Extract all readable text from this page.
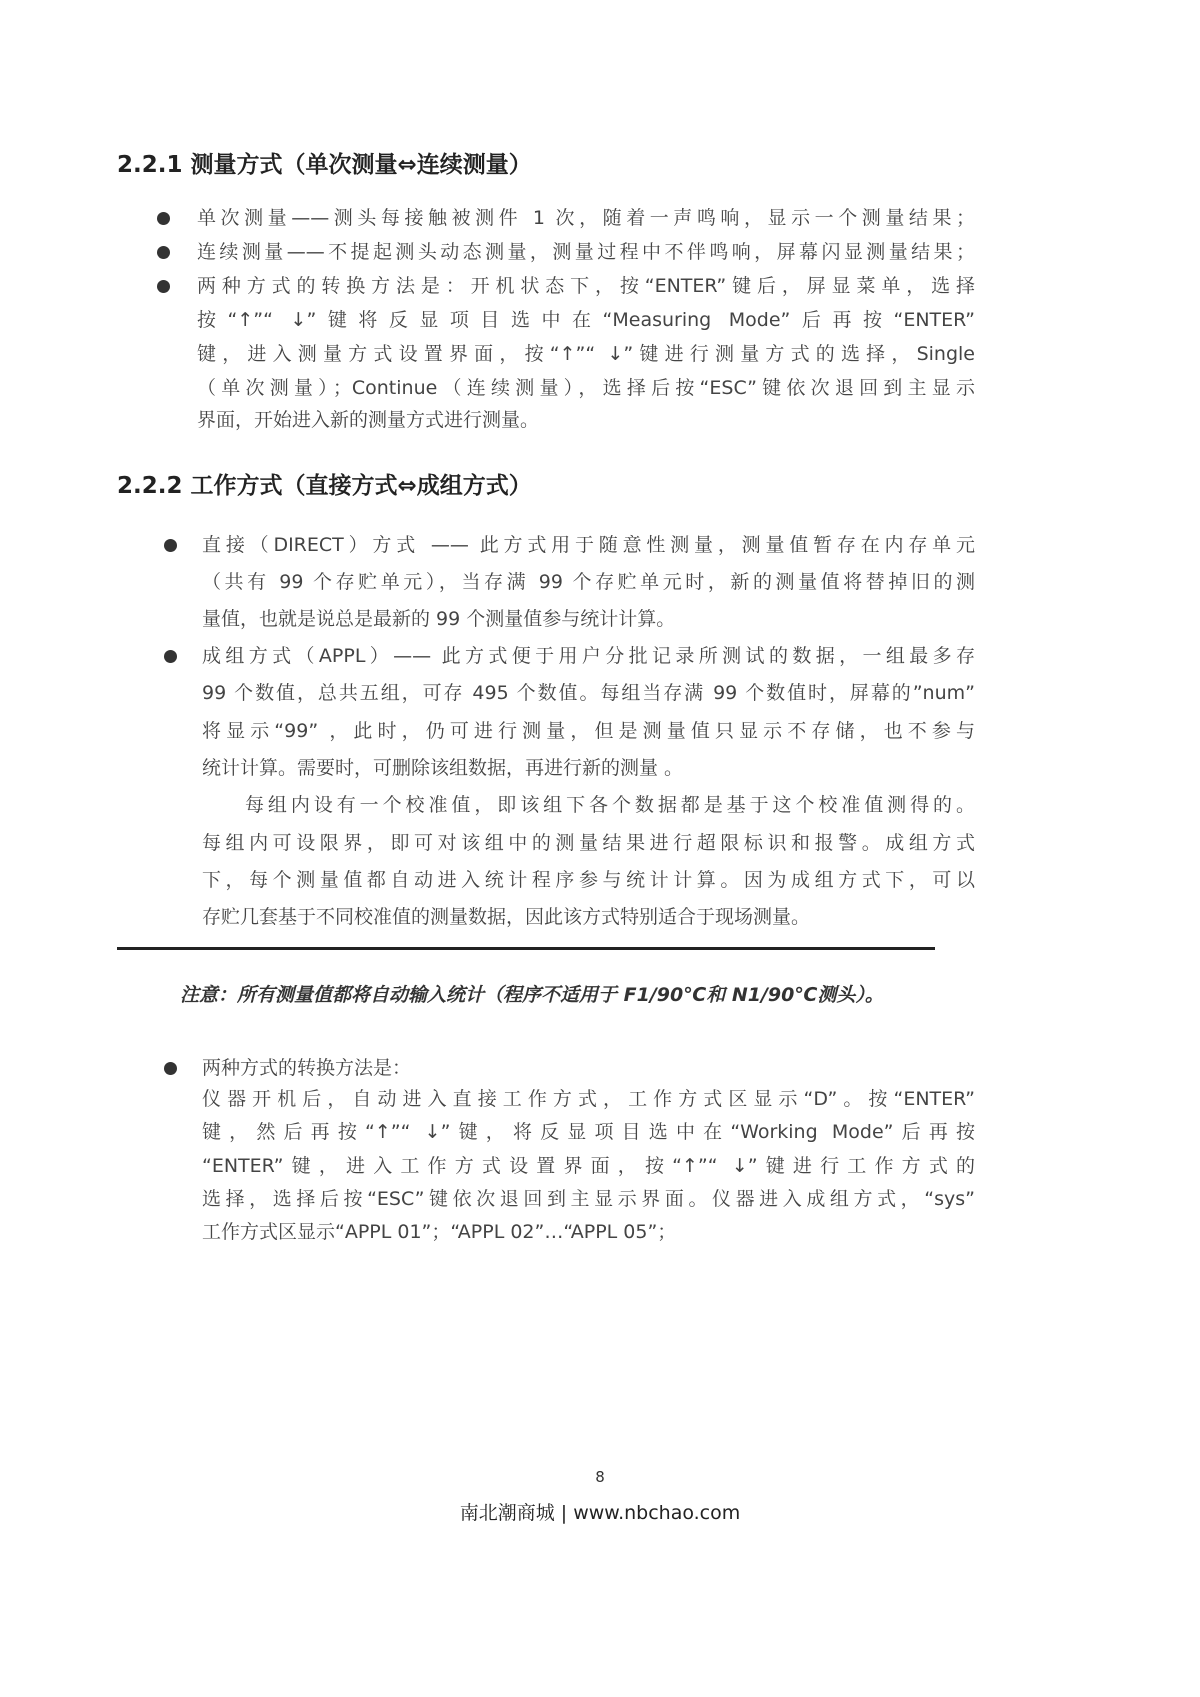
2.2.1 测量方式（单次测量⇔连续测量）
单次测量——测头每接触被测件 1 次，随着一声鸣响，显示一个测量结果；
连续测量——不提起测头动态测量，测量过程中不伴鸣响，屏幕闪显测量结果；
两种方式的转换方法是：开机状态下，按“ENTER”键后，屏显菜单，选择
按“↑”“ ↓”键将反显项目选中在“Measuring Mode”后再按“ENTER”
键，进入测量方式设置界面，按“↑”“ ↓”键进行测量方式的选择，Single
（单次测量）；Continue（连续测量），选择后按“ESC”键依次退回到主显示
界面，开始进入新的测量方式进行测量。
2.2.2 工作方式（直接方式⇔成组方式）
直接（DIRECT）方式 —— 此方式用于随意性测量，测量值暂存在内存单元
（共有 99 个存贮单元），当存满 99 个存贮单元时，新的测量值将替掉旧的测
量值，也就是说总是最新的 99 个测量值参与统计计算。
成组方式（APPL）—— 此方式便于用户分批记录所测试的数据，一组最多存
99 个数值，总共五组，可存 495 个数值。每组当存满 99 个数值时，屏幕的”num”
将显示“99” ，此时，仍可进行测量，但是测量值只显示不存储，也不参与
统计计算。需要时，可删除该组数据，再进行新的测量 。
每组内设有一个校准值，即该组下各个数据都是基于这个校准值测得的。
每组内可设限界，即可对该组中的测量结果进行超限标识和报警。成组方式
下，每个测量值都自动进入统计程序参与统计计算。因为成组方式下，可以
存贮几套基于不同校准值的测量数据，因此该方式特别适合于现场测量。
注意：所有测量值都将自动输入统计（程序不适用于 F1/90℃和 N1/90℃测头）。
两种方式的转换方法是：
仪器开机后，自动进入直接工作方式，工作方式区显示“D”。按“ENTER”
键，然后再按“↑”“ ↓”键，将反显项目选中在“Working Mode”后再按
“ENTER”键，进入工作方式设置界面，按“↑”“ ↓”键进行工作方式的
选择，选择后按“ESC”键依次退回到主显示界面。仪器进入成组方式，“sys”
工作方式区显示“APPL 01”；“APPL 02”…“APPL 05”；
8
南北潮商城 | www.nbchao.com
